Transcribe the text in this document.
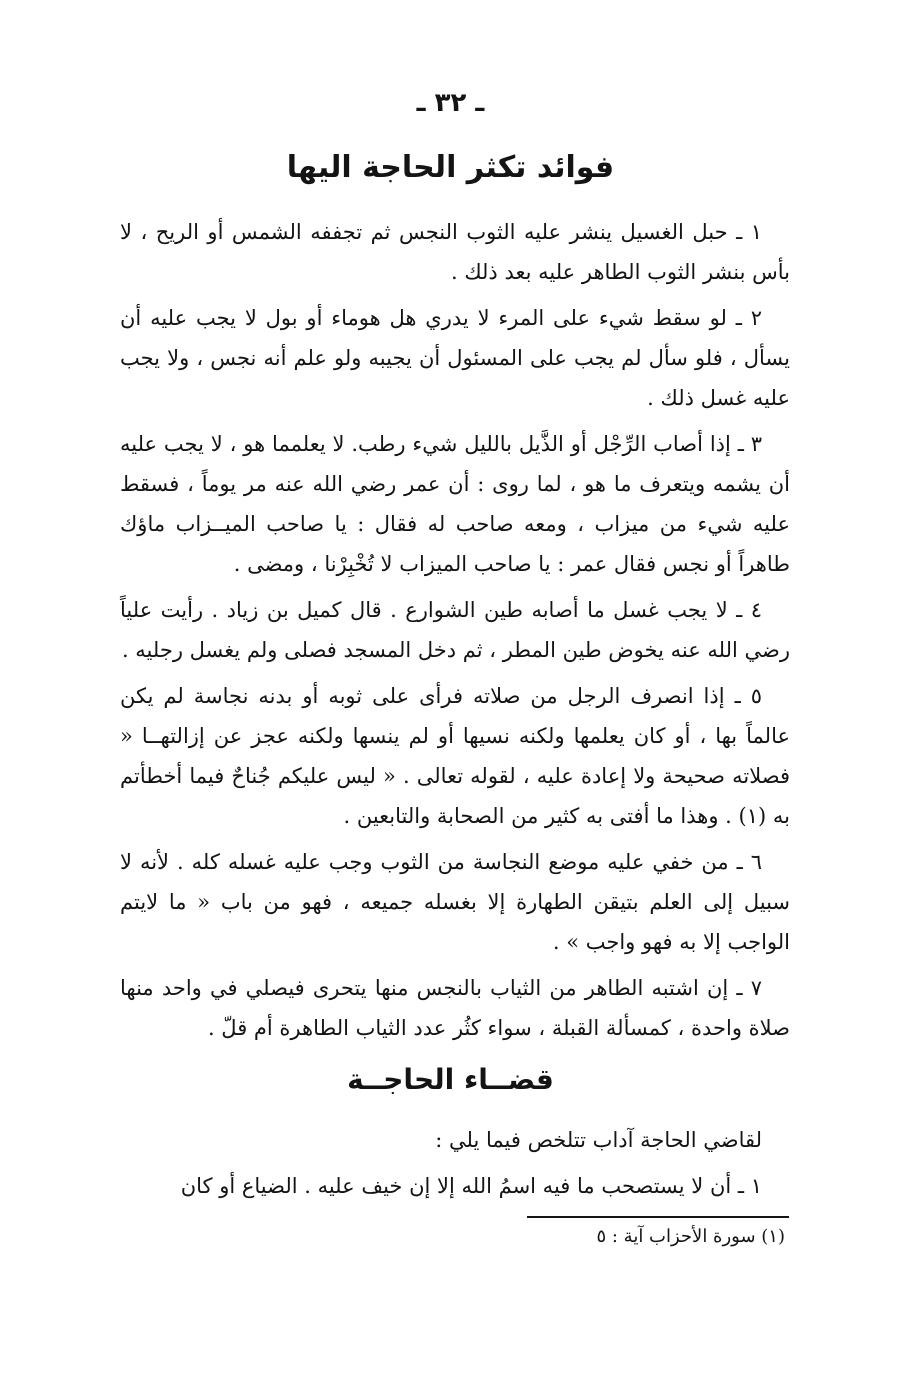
ـ ٣٢ ـ
فوائد تكثر الحاجة اليها

١ ـ حبل الغسيل ينشر عليه الثوب النجس ثم تجففه الشمس أو الريح ، لا بأس بنشر الثوب الطاهر عليه بعد ذلك .

٢ ـ لو سقط شيء على المرء لا يدري هل هوماء أو بول لا يجب عليه أن يسأل ، فلو سأل لم يجب على المسئول أن يجيبه ولو علم أنه نجس ، ولا يجب عليه غسل ذلك .

٣ ـ إذا أصاب الرِّجْل أو الذَّيل بالليل شيء رطب. لا يعلمما هو ، لا يجب عليه أن يشمه ويتعرف ما هو ، لما روى : أن عمر رضي الله عنه مر يوماً ، فسقط عليه شيء من ميزاب ، ومعه صاحب له فقال : يا صاحب الميــزاب ماؤك طاهراً أو نجس فقال عمر : يا صاحب الميزاب لا تُخْبِرْنا ، ومضى .

٤ ـ لا يجب غسل ما أصابه طين الشوارع . قال كميل بن زياد . رأيت علياً رضي الله عنه يخوض طين المطر ، ثم دخل المسجد فصلى ولم يغسل رجليه .

٥ ـ إذا انصرف الرجل من صلاته فرأى على ثوبه أو بدنه نجاسة لم يكن عالماً بها ، أو كان يعلمها ولكنه نسيها أو لم ينسها ولكنه عجز عن إزالتهــا « فصلاته صحيحة ولا إعادة عليه ، لقوله تعالى . « ليس عليكم جُناحٌ فيما أخطأتم به (١) . وهذا ما أفتى به كثير من الصحابة والتابعين .

٦ ـ من خفي عليه موضع النجاسة من الثوب وجب عليه غسله كله . لأنه لا سبيل إلى العلم بتيقن الطهارة إلا بغسله جميعه ، فهو من باب « ما لايتم الواجب إلا به فهو واجب » .

٧ ـ إن اشتبه الطاهر من الثياب بالنجس منها يتحرى فيصلي في واحد منها صلاة واحدة ، كمسألة القبلة ، سواء كثُر عدد الثياب الطاهرة أم قلّ .

قضــاء الحاجــة

لقاضي الحاجة آداب تتلخص فيما يلي :

١ ـ أن لا يستصحب ما فيه اسمُ الله إلا إن خيف عليه . الضياع أو كان

(١) سورة الأحزاب آية : ٥
